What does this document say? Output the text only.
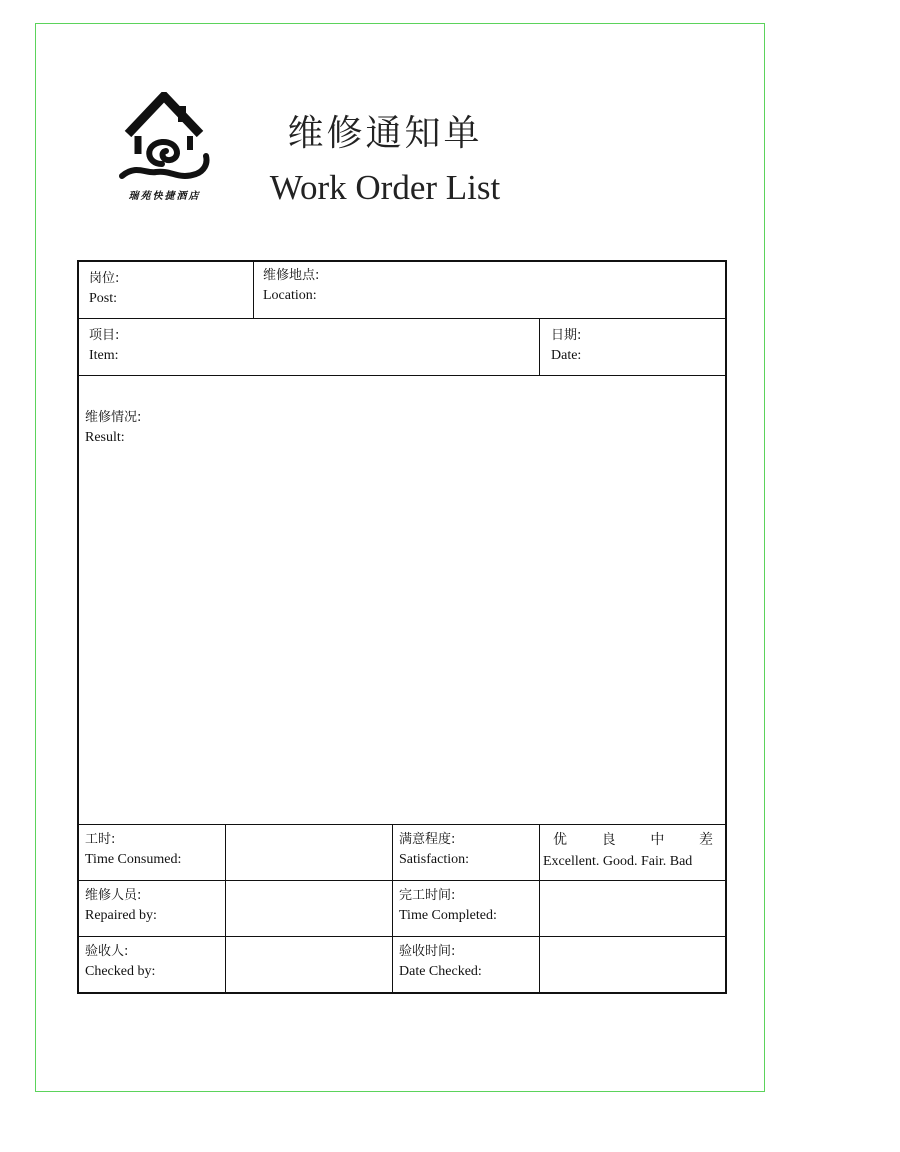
瑞苑快捷酒店
维修通知单
Work Order List
岗位:
Post:
维修地点:
Location:
项目:
Item:
日期:
Date:
维修情况:
Result:
工时:
Time Consumed:
满意程度:
Satisfaction:
优 良 中 差
Excellent. Good. Fair. Bad
维修人员:
Repaired by:
完工时间:
Time Completed:
验收人:
Checked by:
验收时间:
Date Checked:
